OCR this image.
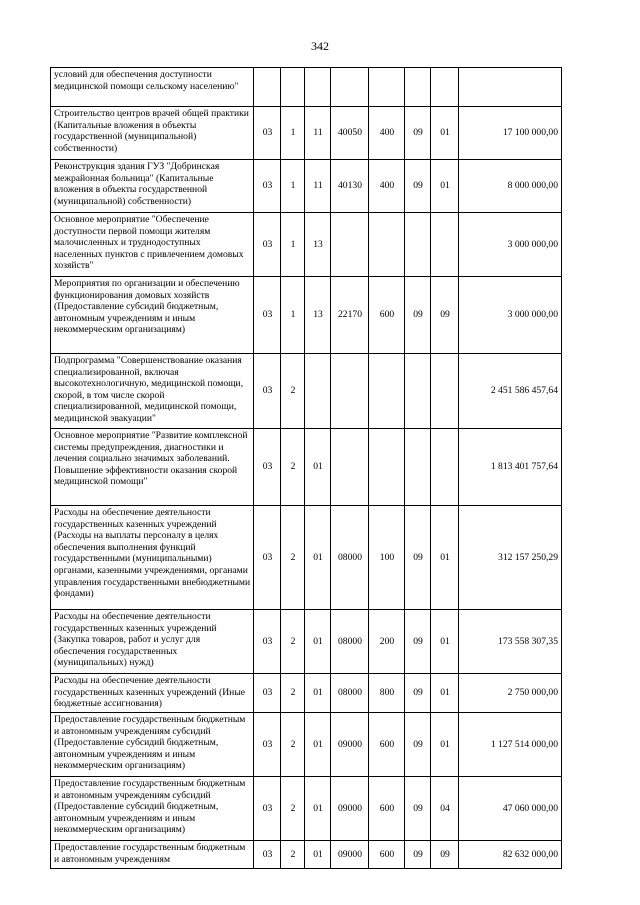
342
условий для обеспечения доступности медицинской помощи сельскому населению"								
Строительство центров врачей общей практики (Капитальные вложения в объекты государственной (муниципальной) собственности)	03	1	11	40050	400	09	01	17 100 000,00
Реконструкция здания ГУЗ "Добринская межрайонная больница" (Капитальные вложения в объекты государственной (муниципальной) собственности)	03	1	11	40130	400	09	01	8 000 000,00
Основное мероприятие "Обеспечение доступности первой помощи жителям малочисленных и труднодоступных населенных пунктов с привлечением домовых хозяйств"	03	1	13					3 000 000,00
Мероприятия по организации и обеспечению функционирования домовых хозяйств (Предоставление субсидий бюджетным, автономным учреждениям и иным некоммерческим организациям)	03	1	13	22170	600	09	09	3 000 000,00
Подпрограмма "Совершенствование оказания специализированной, включая высокотехнологичную, медицинской помощи, скорой, в том числе скорой специализированной, медицинской помощи, медицинской эвакуации"	03	2						2 451 586 457,64
Основное мероприятие "Развитие комплексной системы предупреждения, диагностики и лечения социально значимых заболеваний. Повышение эффективности оказания скорой медицинской помощи"	03	2	01					1 813 401 757,64
Расходы на обеспечение деятельности государственных казенных учреждений (Расходы на выплаты персоналу в целях обеспечения выполнения функций государственными (муниципальными) органами, казенными учреждениями, органами управления государственными внебюджетными фондами)	03	2	01	08000	100	09	01	312 157 250,29
Расходы на обеспечение деятельности государственных казенных учреждений (Закупка товаров, работ и услуг для обеспечения государственных (муниципальных) нужд)	03	2	01	08000	200	09	01	173 558 307,35
Расходы на обеспечение деятельности государственных казенных учреждений (Иные бюджетные ассигнования)	03	2	01	08000	800	09	01	2 750 000,00
Предоставление государственным бюджетным и автономным учреждениям субсидий (Предоставление субсидий бюджетным, автономным учреждениям и иным некоммерческим организациям)	03	2	01	09000	600	09	01	1 127 514 000,00
Предоставление государственным бюджетным и автономным учреждениям субсидий (Предоставление субсидий бюджетным, автономным учреждениям и иным некоммерческим организациям)	03	2	01	09000	600	09	04	47 060 000,00
Предоставление государственным бюджетным и автономным учреждениям	03	2	01	09000	600	09	09	82 632 000,00
